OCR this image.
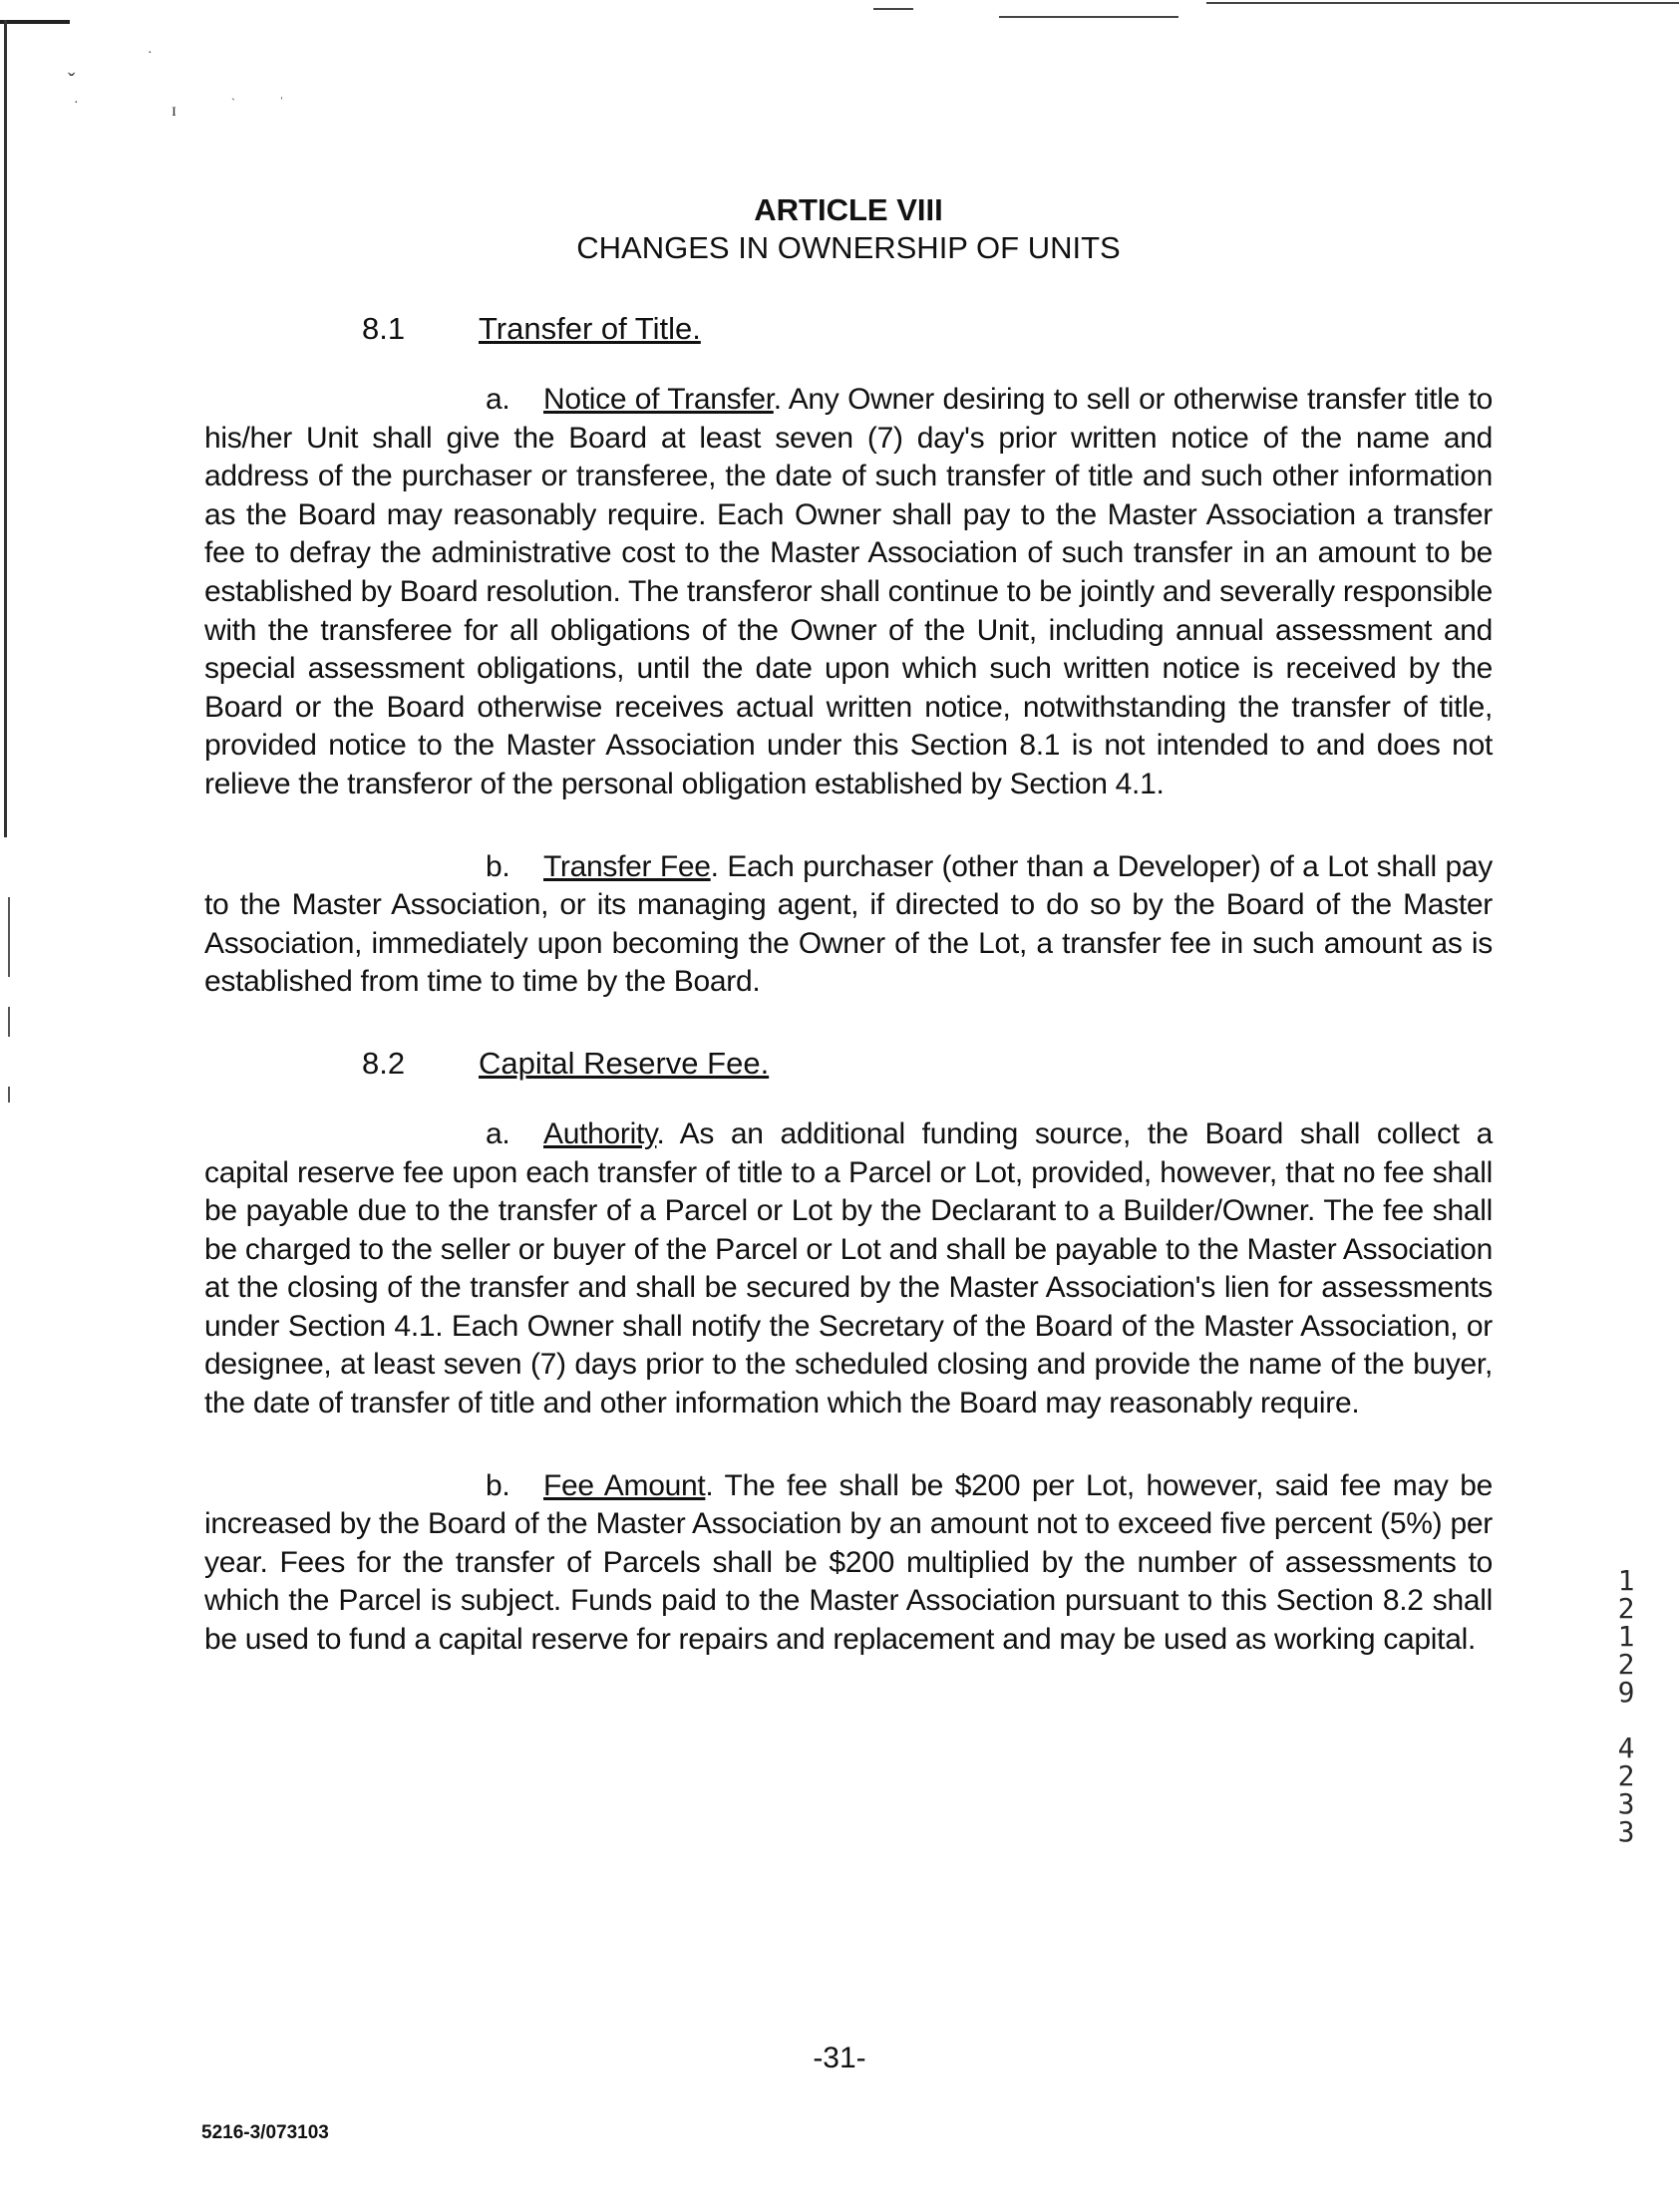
ˇ
·
·	ɪ	ˋ	ˈ
ARTICLE VIII
CHANGES IN OWNERSHIP OF UNITS
8.1 Transfer of Title.

a. Notice of Transfer. Any Owner desiring to sell or otherwise transfer title to his/her Unit shall give the Board at least seven (7) day's prior written notice of the name and address of the purchaser or transferee, the date of such transfer of title and such other information as the Board may reasonably require. Each Owner shall pay to the Master Association a transfer fee to defray the administrative cost to the Master Association of such transfer in an amount to be established by Board resolution. The transferor shall continue to be jointly and severally responsible with the transferee for all obligations of the Owner of the Unit, including annual assessment and special assessment obligations, until the date upon which such written notice is received by the Board or the Board otherwise receives actual written notice, notwithstanding the transfer of title, provided notice to the Master Association under this Section 8.1 is not intended to and does not relieve the transferor of the personal obligation established by Section 4.1.

b. Transfer Fee. Each purchaser (other than a Developer) of a Lot shall pay to the Master Association, or its managing agent, if directed to do so by the Board of the Master Association, immediately upon becoming the Owner of the Lot, a transfer fee in such amount as is established from time to time by the Board.

8.2 Capital Reserve Fee.

a. Authority. As an additional funding source, the Board shall collect a capital reserve fee upon each transfer of title to a Parcel or Lot, provided, however, that no fee shall be payable due to the transfer of a Parcel or Lot by the Declarant to a Builder/Owner. The fee shall be charged to the seller or buyer of the Parcel or Lot and shall be payable to the Master Association at the closing of the transfer and shall be secured by the Master Association's lien for assessments under Section 4.1. Each Owner shall notify the Secretary of the Board of the Master Association, or designee, at least seven (7) days prior to the scheduled closing and provide the name of the buyer, the date of transfer of title and other information which the Board may reasonably require.

b. Fee Amount. The fee shall be $200 per Lot, however, said fee may be increased by the Board of the Master Association by an amount not to exceed five percent (5%) per year. Fees for the transfer of Parcels shall be $200 multiplied by the number of assessments to which the Parcel is subject. Funds paid to the Master Association pursuant to this Section 8.2 shall be used to fund a capital reserve for repairs and replacement and may be used as working capital.

1
2
1
2
9
4
2
3
3
-31-
5216-3/073103
